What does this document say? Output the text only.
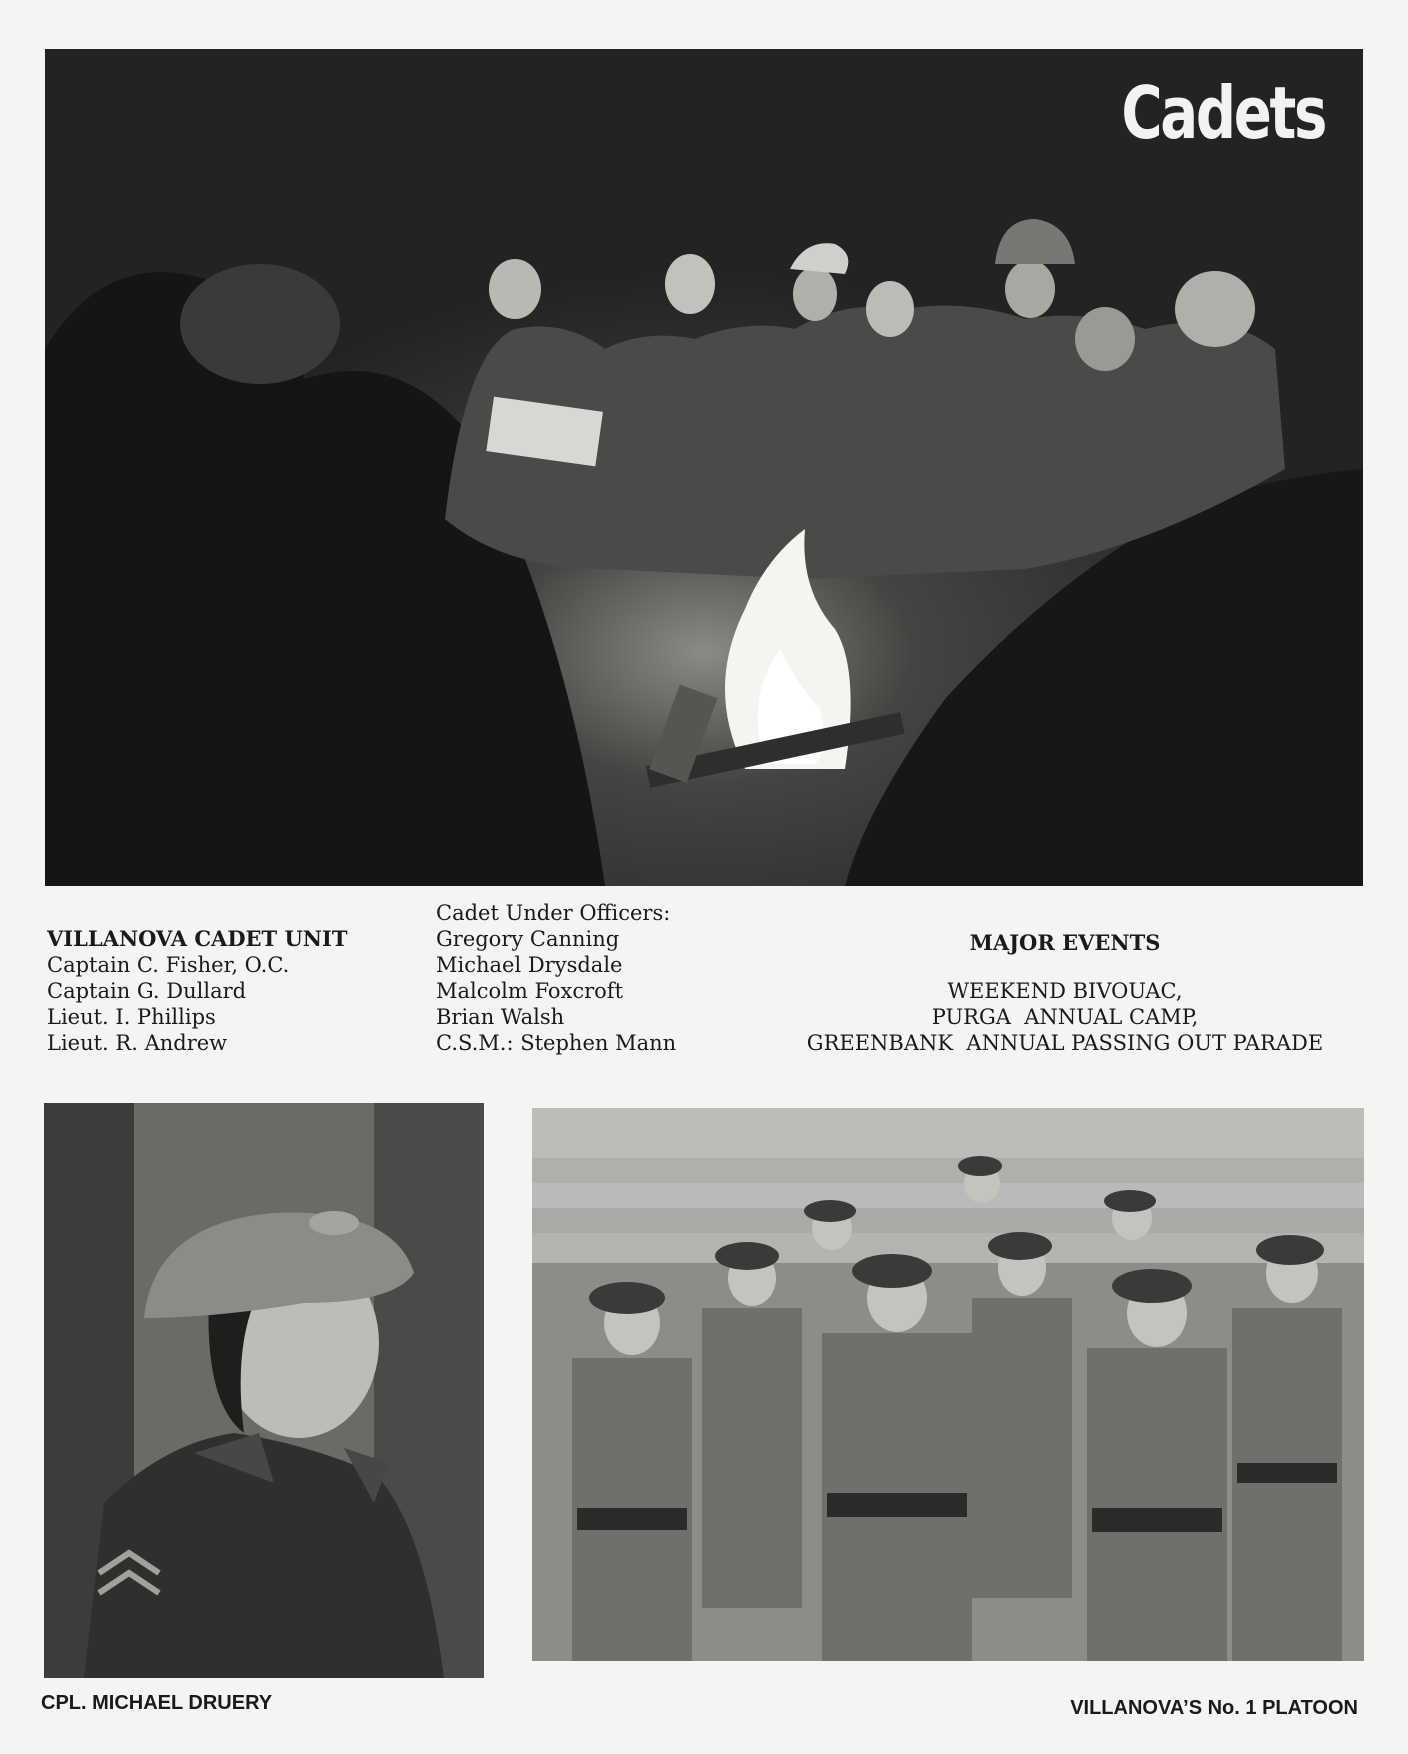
Cadets
VILLANOVA CADET UNIT
Captain C. Fisher, O.C.
Captain G. Dullard
Lieut. I. Phillips
Lieut. R. Andrew
Cadet Under Officers:
Gregory Canning
Michael Drysdale
Malcolm Foxcroft
Brian Walsh
C.S.M.: Stephen Mann
MAJOR EVENTS
WEEKEND BIVOUAC,
PURGA  ANNUAL CAMP,
GREENBANK  ANNUAL PASSING OUT PARADE
CPL. MICHAEL DRUERY	VILLANOVA’S No. 1 PLATOON
